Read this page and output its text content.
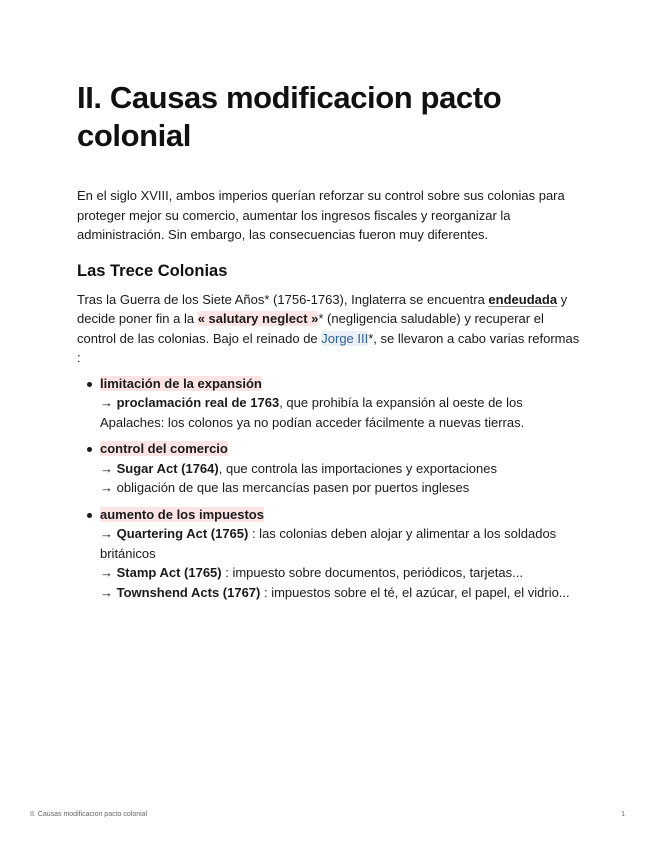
II. Causas modificacion pacto colonial

En el siglo XVIII, ambos imperios querían reforzar su control sobre sus colonias para proteger mejor su comercio, aumentar los ingresos fiscales y reorganizar la administración. Sin embargo, las consecuencias fueron muy diferentes.

Las Trece Colonias

Tras la Guerra de los Siete Años* (1756-1763), Inglaterra se encuentra endeudada y decide poner fin a la « salutary neglect »* (negligencia saludable) y recuperar el control de las colonias. Bajo el reinado de Jorge III*, se llevaron a cabo varias reformas :

limitación de la expansión
→ proclamación real de 1763, que prohibía la expansión al oeste de los Apalaches: los colonos ya no podían acceder fácilmente a nuevas tierras.
control del comercio
→ Sugar Act (1764), que controla las importaciones y exportaciones
→ obligación de que las mercancías pasen por puertos ingleses
aumento de los impuestos
→ Quartering Act (1765) : las colonias deben alojar y alimentar a los soldados británicos
→ Stamp Act (1765) : impuesto sobre documentos, periódicos, tarjetas...
→ Townshend Acts (1767) : impuestos sobre el té, el azúcar, el papel, el vidrio...
II. Causas modificacion pacto colonial	1
